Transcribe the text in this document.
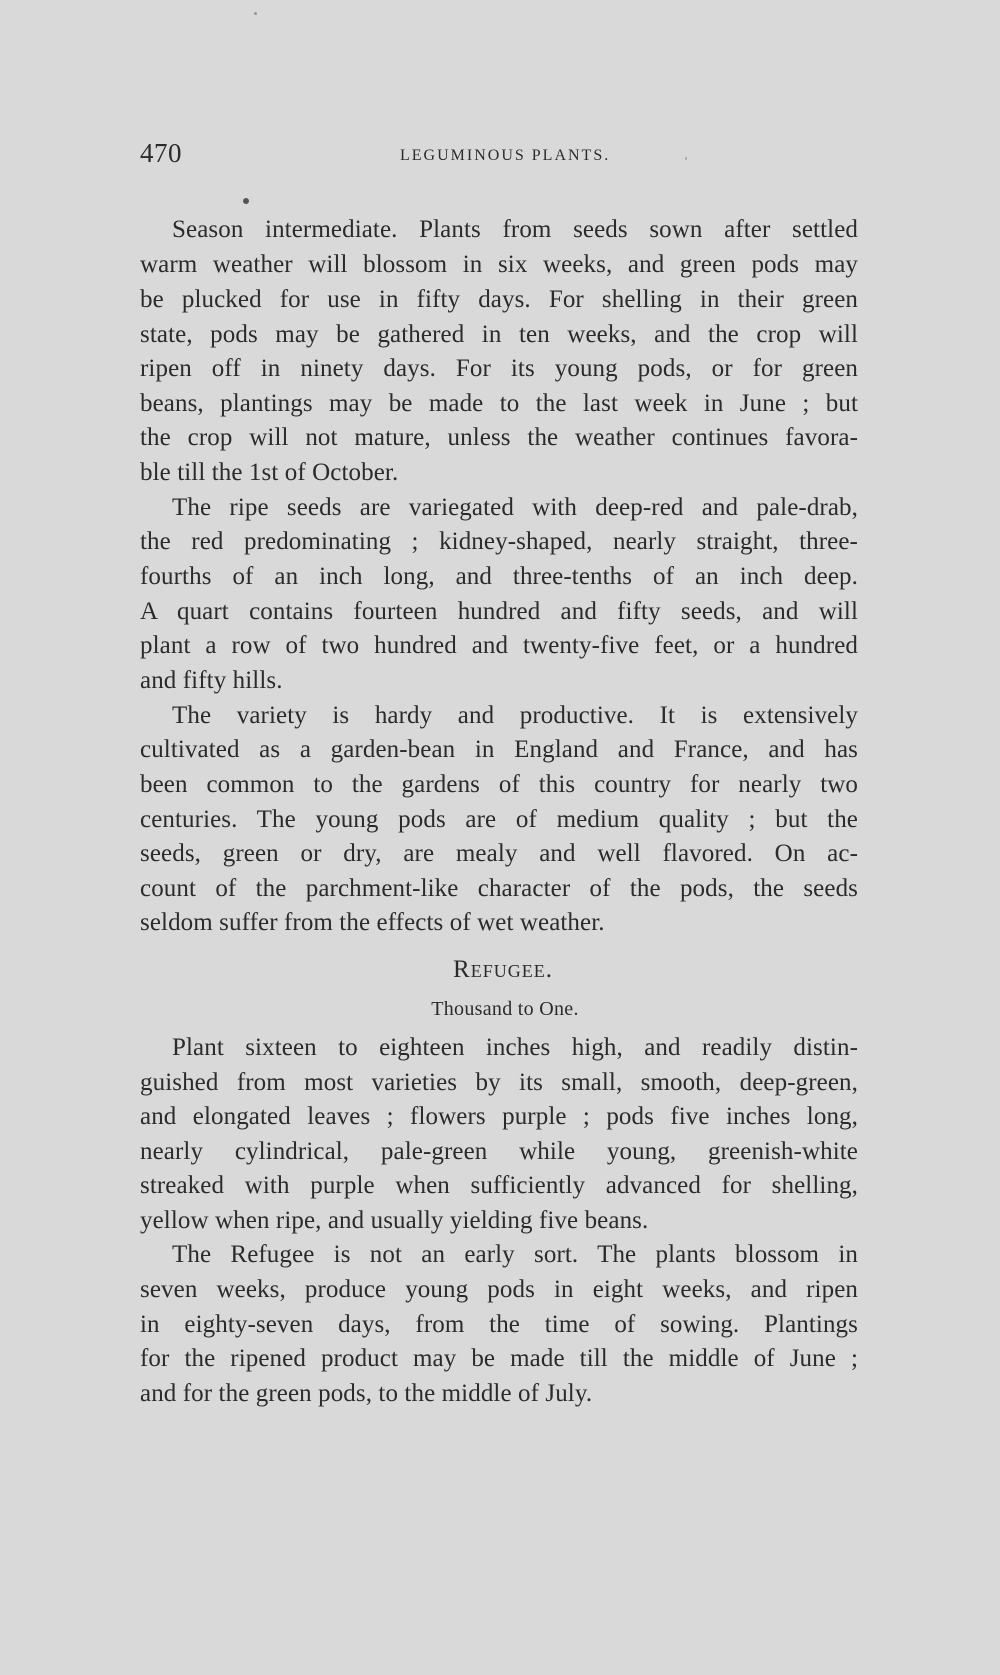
470	LEGUMINOUS PLANTS.
Season intermediate. Plants from seeds sown after settled
warm weather will blossom in six weeks, and green pods may
be plucked for use in fifty days. For shelling in their green
state, pods may be gathered in ten weeks, and the crop will
ripen off in ninety days. For its young pods, or for green
beans, plantings may be made to the last week in June ; but
the crop will not mature, unless the weather continues favora-
ble till the 1st of October.
The ripe seeds are variegated with deep-red and pale-drab,
the red predominating ; kidney-shaped, nearly straight, three-
fourths of an inch long, and three-tenths of an inch deep.
A quart contains fourteen hundred and fifty seeds, and will
plant a row of two hundred and twenty-five feet, or a hundred
and fifty hills.
The variety is hardy and productive. It is extensively
cultivated as a garden-bean in England and France, and has
been common to the gardens of this country for nearly two
centuries. The young pods are of medium quality ; but the
seeds, green or dry, are mealy and well flavored. On ac-
count of the parchment-like character of the pods, the seeds
seldom suffer from the effects of wet weather.
Refugee.
Thousand to One.
Plant sixteen to eighteen inches high, and readily distin-
guished from most varieties by its small, smooth, deep-green,
and elongated leaves ; flowers purple ; pods five inches long,
nearly cylindrical, pale-green while young, greenish-white
streaked with purple when sufficiently advanced for shelling,
yellow when ripe, and usually yielding five beans.
The Refugee is not an early sort. The plants blossom in
seven weeks, produce young pods in eight weeks, and ripen
in eighty-seven days, from the time of sowing. Plantings
for the ripened product may be made till the middle of June ;
and for the green pods, to the middle of July.
